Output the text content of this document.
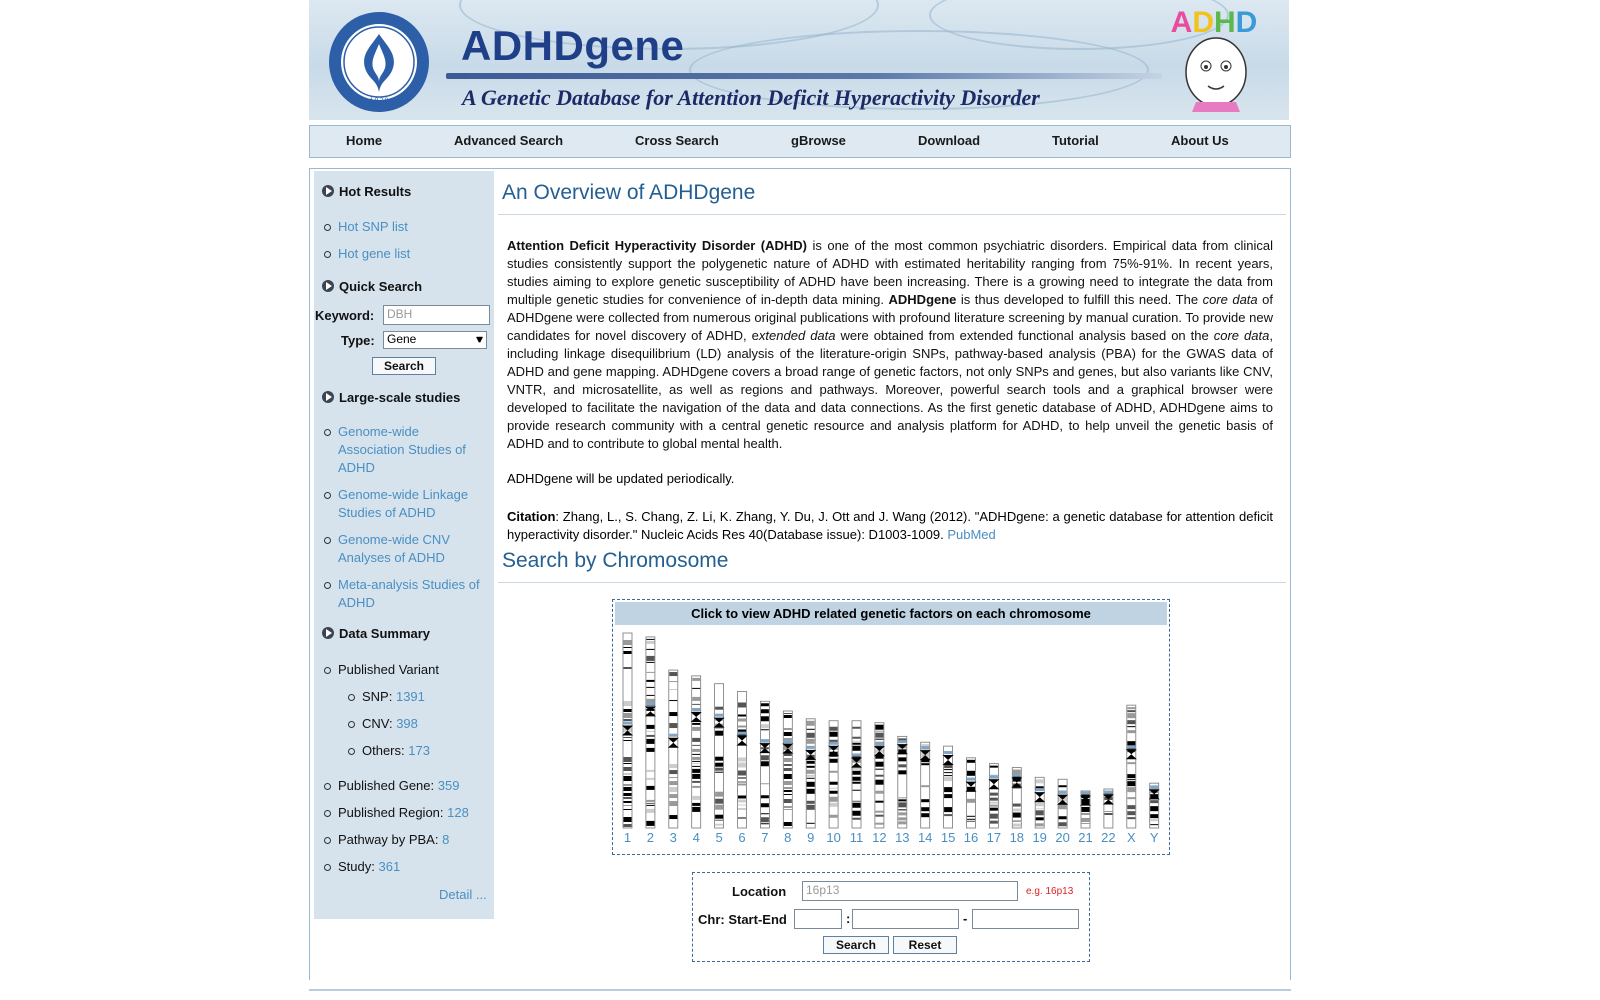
1 9 2 9
ADHDgene
A Genetic Database for Attention Deficit Hyperactivity Disorder
ADHD
Home	Advanced Search	Cross Search	gBrowse	Download	Tutorial	About Us
Hot Results
Hot SNP list
Hot gene list
Quick Search
Keyword:	DBH
Type:	Gene	▾
▾
Search
Large-scale studies
Genome-wide Association Studies of ADHD
Genome-wide Linkage Studies of ADHD
Genome-wide CNV Analyses of ADHD
Meta-analysis Studies of ADHD
Data Summary
Published Variant
SNP: 1391
CNV: 398
Others: 173
Published Gene: 359
Published Region: 128
Pathway by PBA: 8
Study: 361
Detail ...
An Overview of ADHDgene

Attention Deficit Hyperactivity Disorder (ADHD) is one of the most common psychiatric disorders. Empirical data from clinical studies consistently support the polygenetic nature of ADHD with estimated heritability ranging from 75%-91%. In recent years, studies aiming to explore genetic susceptibility of ADHD have been increasing. There is a growing need to integrate the data from multiple genetic studies for convenience of in-depth data mining. ADHDgene is thus developed to fulfill this need. The core data of ADHDgene were collected from numerous original publications with profound literature screening by manual curation. To provide new candidates for novel discovery of ADHD, extended data were obtained from extended functional analysis based on the core data, including linkage disequilibrium (LD) analysis of the literature-origin SNPs, pathway-based analysis (PBA) for the GWAS data of ADHD and gene mapping. ADHDgene covers a broad range of genetic factors, not only SNPs and genes, but also variants like CNV, VNTR, and microsatellite, as well as regions and pathways. Moreover, powerful search tools and a graphical browser were developed to facilitate the navigation of the data and data connections. As the first genetic database of ADHD, ADHDgene aims to provide research community with a central genetic resource and analysis platform for ADHD, to help unveil the genetic basis of ADHD and to contribute to global mental health.

ADHDgene will be updated periodically.
Citation: Zhang, L., S. Chang, Z. Li, K. Zhang, Y. Du, J. Ott and J. Wang (2012). "ADHDgene: a genetic database for attention deficit hyperactivity disorder." Nucleic Acids Res 40(Database issue): D1003-1009. PubMed
Search by Chromosome
Click to view ADHD related genetic factors on each chromosome
1 2 3 4 5 6 7 8 9 10 11 12 13 14 15 16 17 18 19 20 21 22 X Y
Location	16p13	e.g. 16p13
Chr: Start-End	:	-
Search	Reset
